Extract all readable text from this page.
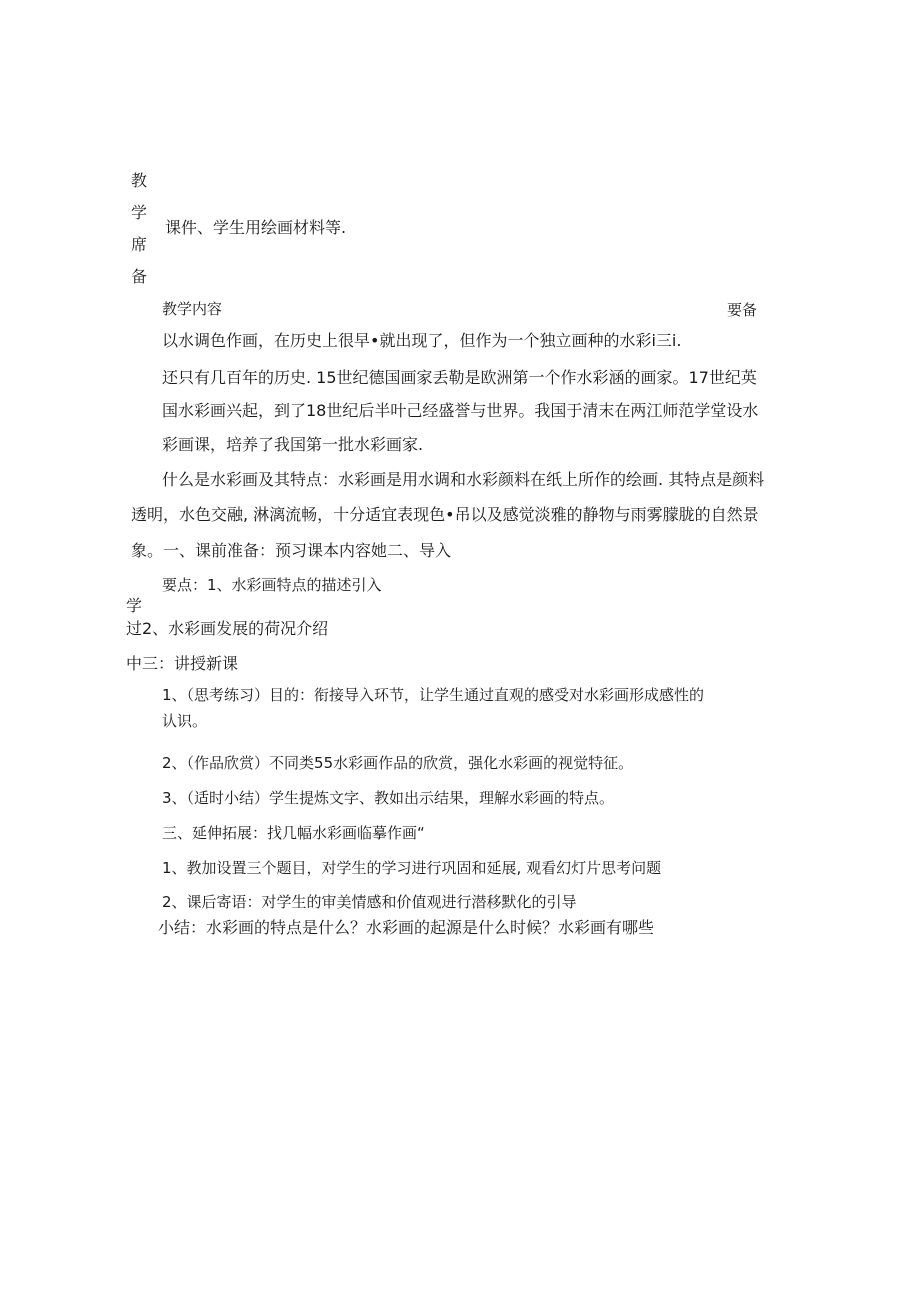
教
学
席
备

课件、学生用绘画材料等.

教学内容	要备

以水调色作画，在历史上很早•就出现了，但作为一个独立画种的水彩i三i.

还只有几百年的历史. 15世纪德国画家丢勒是欧洲第一个作水彩涵的画家。17世纪英

国水彩画兴起，到了18世纪后半叶己经盛誉与世界。我国于清末在两江师范学堂设水

彩画课，培养了我国第一批水彩画家.

什么是水彩画及其特点：水彩画是用水调和水彩颜料在纸上所作的绘画. 其特点是颜料

透明，水色交融, 淋漓流畅，十分适宜表现色•吊以及感觉淡雅的静物与雨雾朦胧的自然景

象。一、课前准备：预习课本内容她二、导入

要点：1、水彩画特点的描述引入

学

过2、水彩画发展的荷况介绍

中三：讲授新课

1、（思考练习）目的：衔接导入环节，让学生通过直观的感受对水彩画形成感性的

认识。

2、（作品欣赏）不同类55水彩画作品的欣赏，强化水彩画的视觉特征。

3、（适时小结）学生提炼文字、教如出示结果，理解水彩画的特点。

三、延伸拓展：找几幅水彩画临摹作画“

1、教加设置三个题目，对学生的学习进行巩固和延展, 观看幻灯片思考问题

2、课后寄语：对学生的审美情感和价值观进行潜移默化的引导

小结：水彩画的特点是什么？水彩画的起源是什么时候？水彩画有哪些
